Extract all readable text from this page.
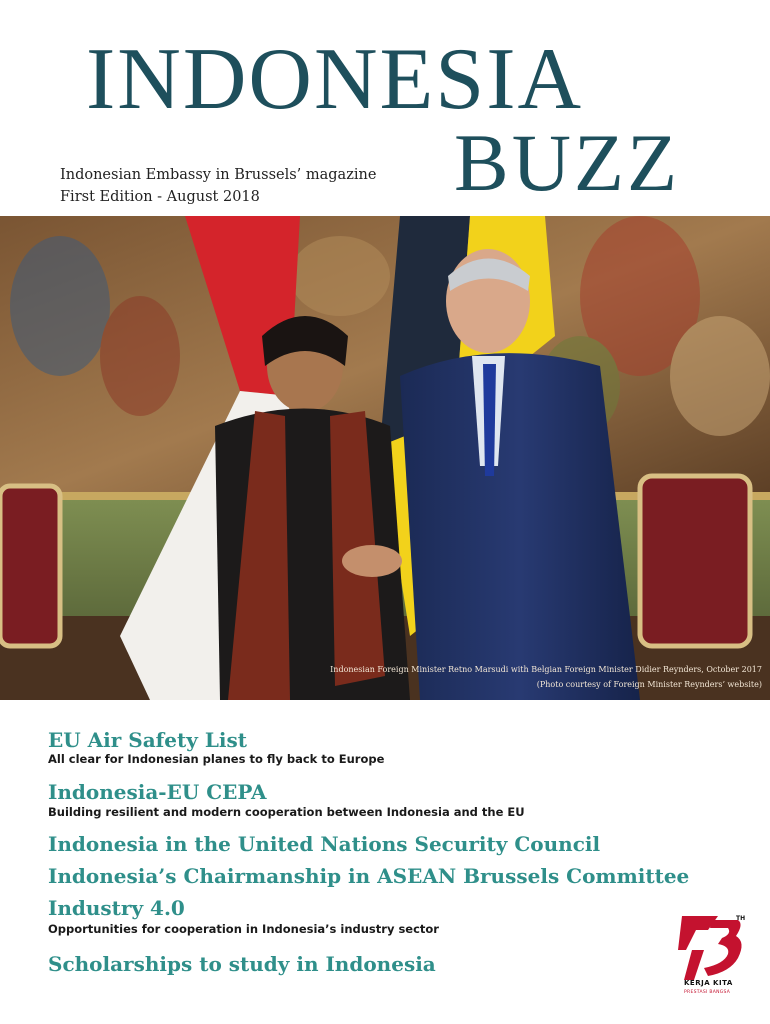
INDONESIA
BUZZ
Indonesian Embassy in Brussels’ magazine
First Edition - August 2018
Indonesian Foreign Minister Retno Marsudi with Belgian Foreign Minister Didier Reynders, October 2017
(Photo courtesy of Foreign Minister Reynders’ website)
EU Air Safety List
All clear for Indonesian planes to fly back to Europe
Indonesia-EU CEPA
Building resilient and modern cooperation between Indonesia and the EU
Indonesia in the United Nations Security Council
Indonesia’s Chairmanship in ASEAN Brussels Committee
Industry 4.0
Opportunities for cooperation in Indonesia’s industry sector
Scholarships to study in Indonesia
TH
KERJA KITA
PRESTASI BANGSA
